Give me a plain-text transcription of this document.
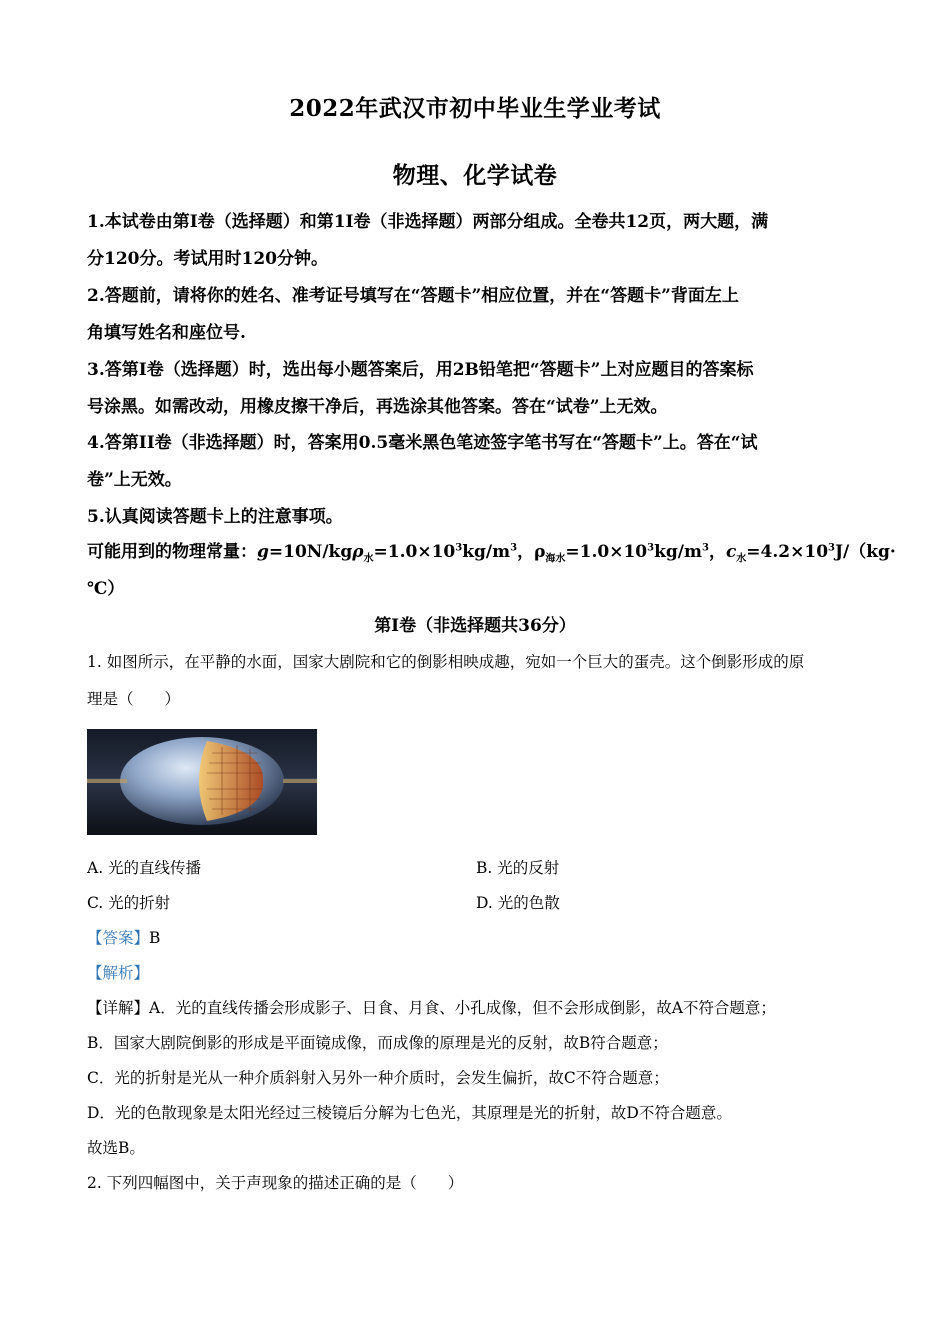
2022年武汉市初中毕业生学业考试
物理、化学试卷
1.本试卷由第I卷（选择题）和第1I卷（非选择题）两部分组成。全卷共12页，两大题，满
分120分。考试用时120分钟。
2.答题前，请将你的姓名、准考证号填写在“答题卡”相应位置，并在“答题卡”背面左上
角填写姓名和座位号.
3.答第I卷（选择题）时，选出每小题答案后，用2B铅笔把“答题卡”上对应题目的答案标
号涂黑。如需改动，用橡皮擦干净后，再选涂其他答案。答在“试卷”上无效。
4.答第II卷（非选择题）时，答案用0.5毫米黑色笔迹签字笔书写在“答题卡”上。答在“试
卷”上无效。
5.认真阅读答题卡上的注意事项。
可能用到的物理常量：$g=10N/kg\rho_水=1.0\times 10^3kg/m^3$，$\rho_{海水}=1.0\times 10^3kg/m^3$，$c_水=4.2\times 10^3J/(kg\cdot$
℃）
第I卷（非选择题共36分）
1. 如图所示，在平静的水面，国家大剧院和它的倒影相映成趣，宛如一个巨大的蛋壳。这个倒影形成的原
理是（　　）
A. 光的直线传播	B. 光的反射
C. 光的折射	D. 光的色散
【答案】B
【解析】
【详解】A．光的直线传播会形成影子、日食、月食、小孔成像，但不会形成倒影，故A不符合题意；
B．国家大剧院倒影的形成是平面镜成像，而成像的原理是光的反射，故B符合题意；
C．光的折射是光从一种介质斜射入另外一种介质时，会发生偏折，故C不符合题意；
D．光的色散现象是太阳光经过三棱镜后分解为七色光，其原理是光的折射，故D不符合题意。
故选B。
2. 下列四幅图中，关于声现象的描述正确的是（　　）
